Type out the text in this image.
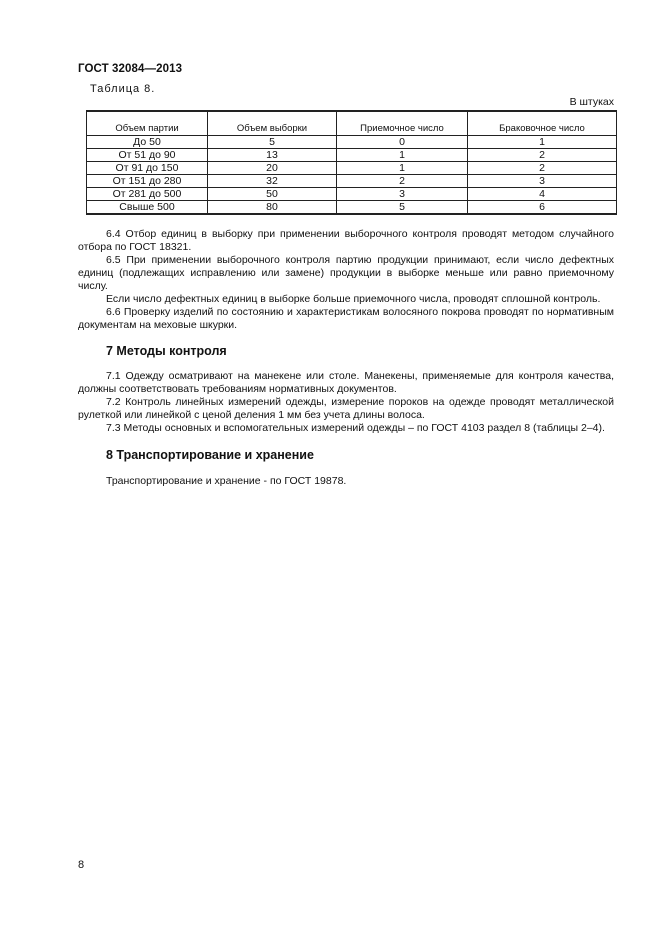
ГОСТ 32084—2013
Таблица 8.
В штуках
Объем партии	Объем выборки	Приемочное число	Браковочное число
До 50	5	0	1
От 51 до 90	13	1	2
От 91 до 150	20	1	2
От 151 до 280	32	2	3
От 281 до 500	50	3	4
Свыше 500	80	5	6

6.4 Отбор единиц в выборку при применении выборочного контроля проводят методом случайного отбора по ГОСТ 18321.

6.5 При применении выборочного контроля партию продукции принимают, если число дефектных единиц (подлежащих исправлению или замене) продукции в выборке меньше или равно приемочному числу.

Если число дефектных единиц в выборке больше приемочного числа, проводят сплошной контроль.

6.6 Проверку изделий по состоянию и характеристикам волосяного покрова проводят по нормативным документам на меховые шкурки.

7 Методы контроля

7.1 Одежду осматривают на манекене или столе. Манекены, применяемые для контроля качества, должны соответствовать требованиям нормативных документов.

7.2 Контроль линейных измерений одежды, измерение пороков на одежде проводят металлической рулеткой или линейкой с ценой деления 1 мм без учета длины волоса.

7.3 Методы основных и вспомогательных измерений одежды – по ГОСТ 4103 раздел 8 (таблицы 2–4).

8 Транспортирование и хранение

Транспортирование и хранение - по ГОСТ 19878.

8
